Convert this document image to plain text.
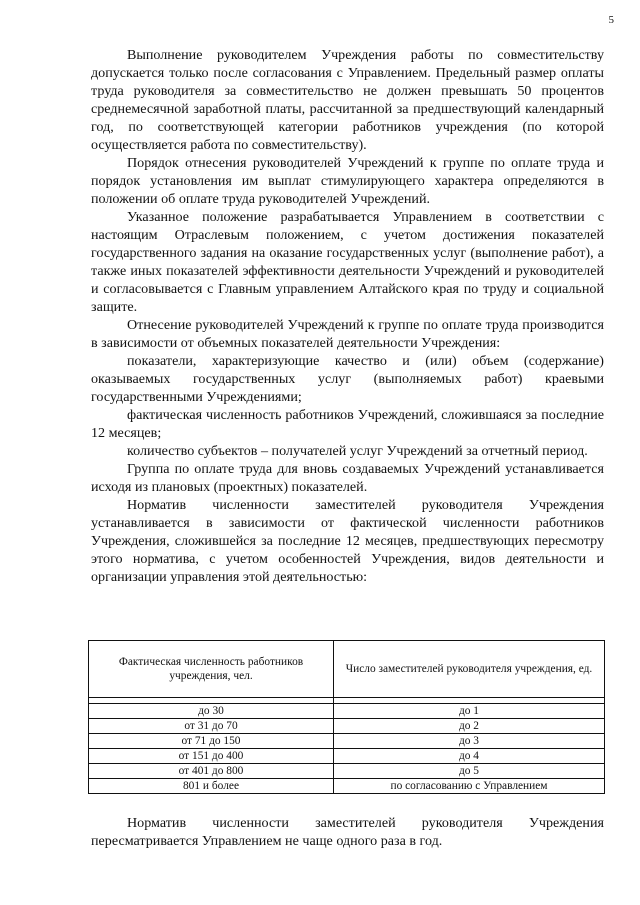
5

Выполнение руководителем Учреждения работы по совместительству допускается только после согласования с Управлением. Предельный размер оплаты труда руководителя за совместительство не должен превышать 50 процентов среднемесячной заработной платы, рассчитанной за предшествующий календарный год, по соответствующей категории работников учреждения (по которой осуществляется работа по совместительству).

Порядок отнесения руководителей Учреждений к группе по оплате труда и порядок установления им выплат стимулирующего характера определяются в положении об оплате труда руководителей Учреждений.

Указанное положение разрабатывается Управлением в соответствии с настоящим Отраслевым положением, с учетом достижения показателей государственного задания на оказание государственных услуг (выполнение работ), а также иных показателей эффективности деятельности Учреждений и руководителей и согласовывается с Главным управлением Алтайского края по труду и социальной защите.

Отнесение руководителей Учреждений к группе по оплате труда производится в зависимости от объемных показателей деятельности Учреждения:

показатели, характеризующие качество и (или) объем (содержание) оказываемых государственных услуг (выполняемых работ) краевыми государственными Учреждениями;

фактическая численность работников Учреждений, сложившаяся за последние 12 месяцев;

количество субъектов – получателей услуг Учреждений за отчетный период.

Группа по оплате труда для вновь создаваемых Учреждений устанавливается исходя из плановых (проектных) показателей.

Норматив численности заместителей руководителя Учреждения устанавливается в зависимости от фактической численности работников Учреждения, сложившейся за последние 12 месяцев, предшествующих пересмотру этого норматива, с учетом особенностей Учреждения, видов деятельности и организации управления этой деятельностью:

Фактическая численность работников учреждения, чел.	Число заместителей руководителя учреждения, ед.

до 30	до 1
от 31 до 70	до 2
от 71 до 150	до 3
от 151 до 400	до 4
от 401 до 800	до 5
801 и более	по согласованию с Управлением

Норматив численности заместителей руководителя Учреждения пересматривается Управлением не чаще одного раза в год.
